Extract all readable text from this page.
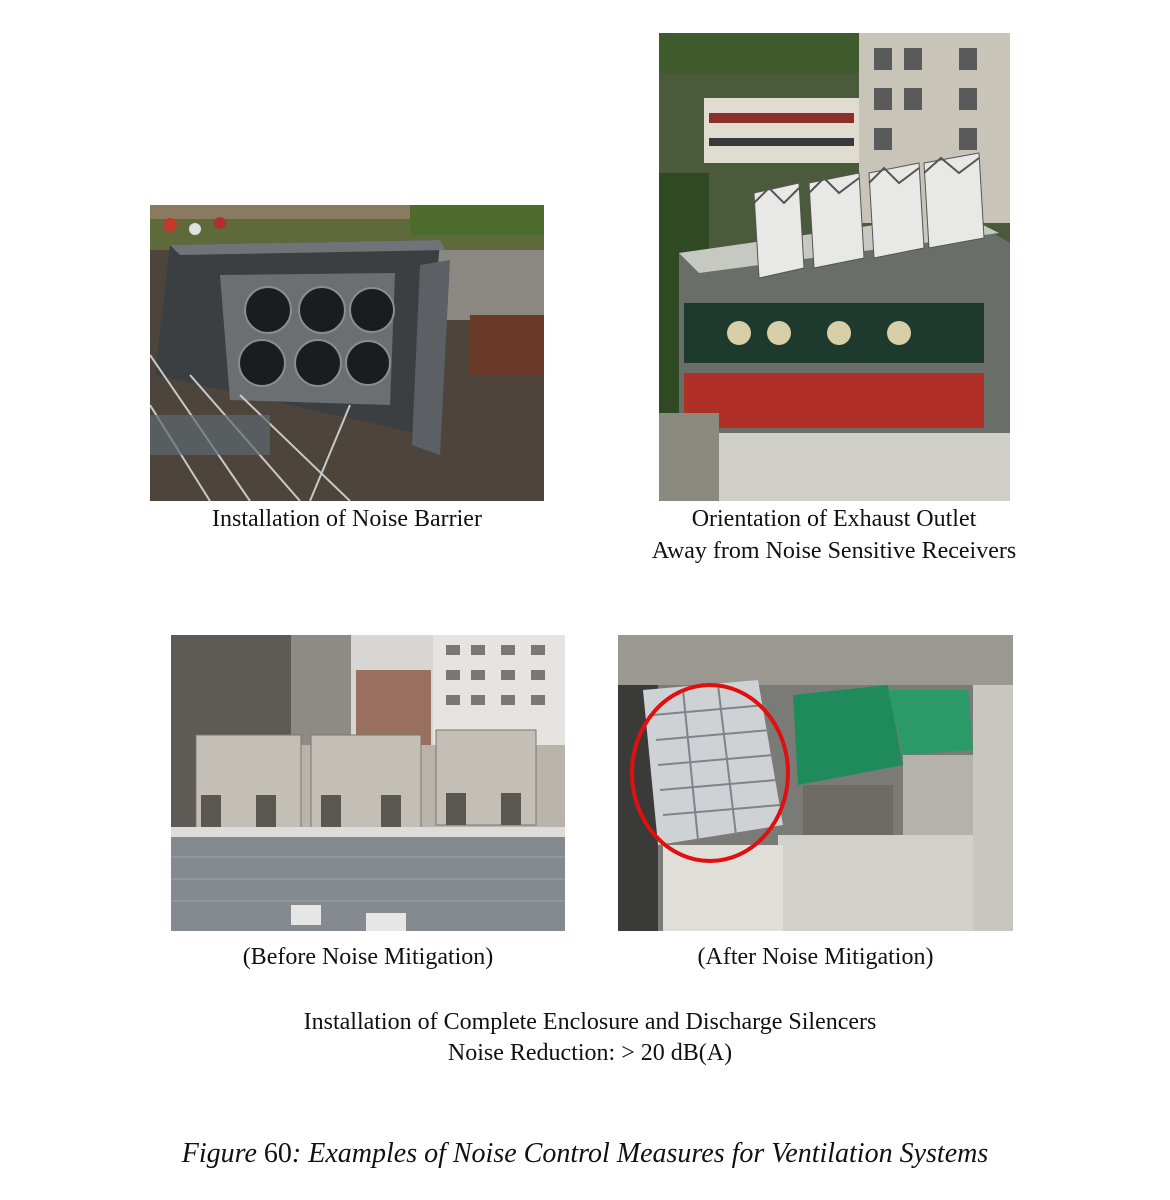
Installation of Noise Barrier	Orientation of Exhaust Outlet
Away from Noise Sensitive Receivers
(Before Noise Mitigation)	(After Noise Mitigation)
Installation of Complete Enclosure and Discharge Silencers
Noise Reduction: > 20 dB(A)
Figure 60: Examples of Noise Control Measures for Ventilation Systems
